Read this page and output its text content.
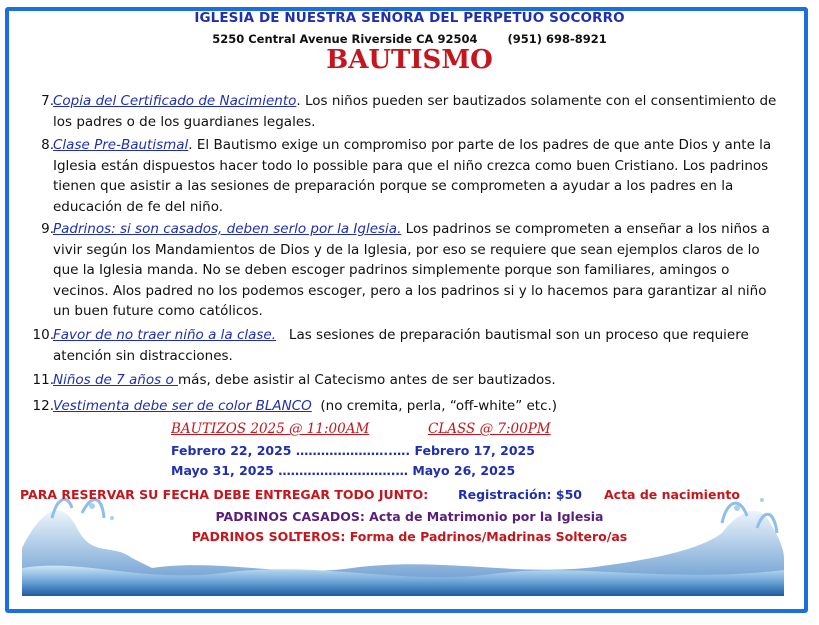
IGLESIA DE NUESTRA SEÑORA DEL PERPETUO SOCORRO
5250 Central Avenue Riverside CA 92504	(951) 698-8921
BAUTISMO
7. Copia del Certificado de Nacimiento. Los niños pueden ser bautizados solamente con el consentimiento de los padres o de los guardianes legales.
8. Clase Pre-Bautismal. El Bautismo exige un compromiso por parte de los padres de que ante Dios y ante la Iglesia están dispuestos hacer todo lo possible para que el niño crezca como buen Cristiano. Los padrinos tienen que asistir a las sesiones de preparación porque se comprometen a ayudar a los padres en la educación de fe del niño.
9. Padrinos: si son casados, deben serlo por la Iglesia. Los padrinos se comprometen a enseñar a los niños a vivir según los Mandamientos de Dios y de la Iglesia, por eso se requiere que sean ejemplos claros de lo que la Iglesia manda. No se deben escoger padrinos simplemente porque son familiares, amingos o vecinos. Alos padred no los podemos escoger, pero a los padrinos si y lo hacemos para garantizar al niño un buen future como católicos.
10. Favor de no traer niño a la clase.   Las sesiones de preparación bautismal son un proceso que requiere atención sin distracciones.
11. Niños de 7 años o más, debe asistir al Catecismo antes de ser bautizados.
12. Vestimenta debe ser de color BLANCO  (no cremita, perla, “off-white” etc.)
BAUTIZOS 2025 @ 11:00AM	CLASS @ 7:00PM
Febrero 22, 2025 …………………..…. Febrero 17, 2025
Mayo 31, 2025 ……………………….… Mayo 26, 2025
PARA RESERVAR SU FECHA DEBE ENTREGAR TODO JUNTO: Registración: $50 Acta de nacimiento
PADRINOS CASADOS: Acta de Matrimonio por la Iglesia
PADRINOS SOLTEROS: Forma de Padrinos/Madrinas Soltero/as
